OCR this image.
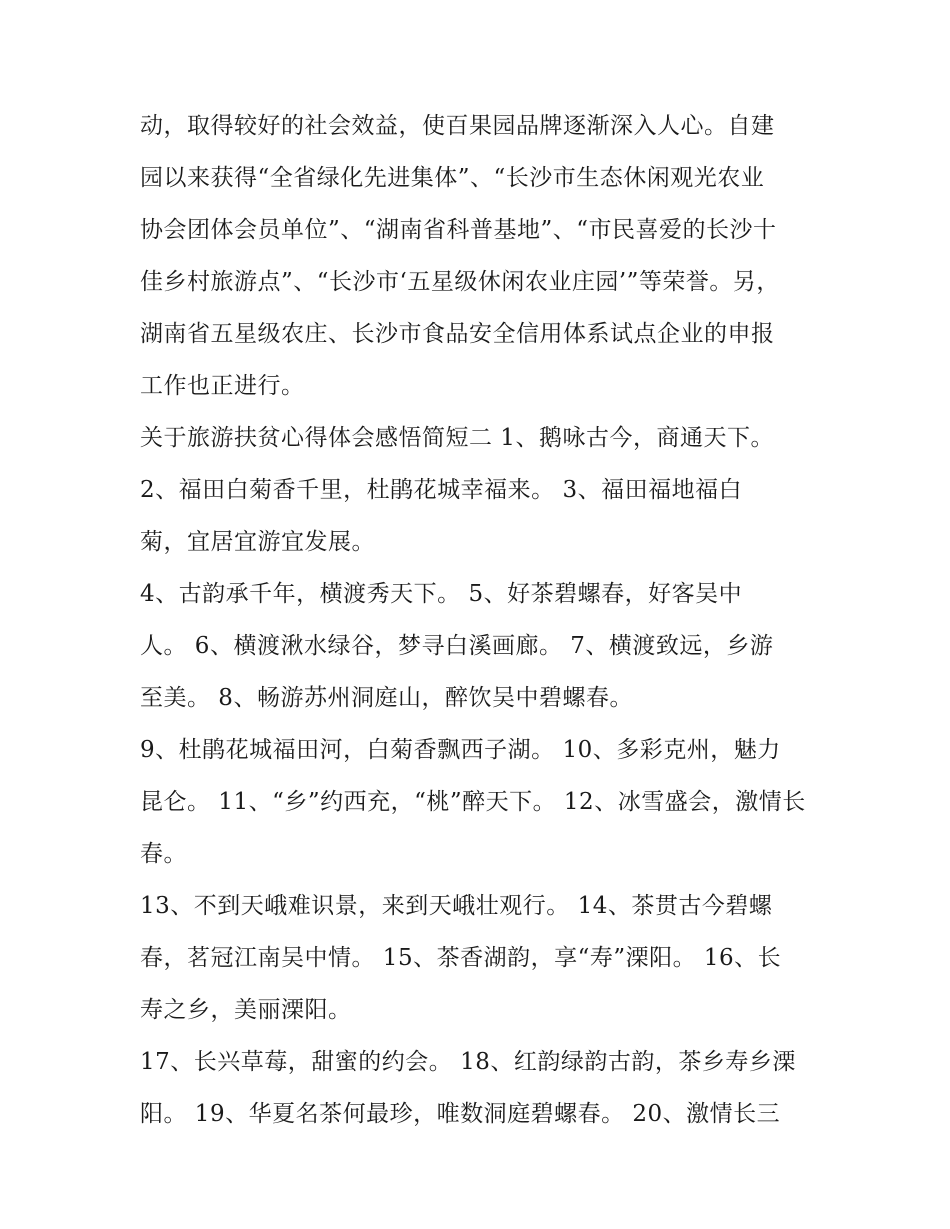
动，取得较好的社会效益，使百果园品牌逐渐深入人心。自建
园以来获得“全省绿化先进集体”、“长沙市生态休闲观光农业
协会团体会员单位”、“湖南省科普基地”、“市民喜爱的长沙十
佳乡村旅游点”、“长沙市‘五星级休闲农业庄园’”等荣誉。另，
湖南省五星级农庄、长沙市食品安全信用体系试点企业的申报
工作也正进行。

关于旅游扶贫心得体会感悟简短二 1、鹅咏古今，商通天下。

2、福田白菊香千里，杜鹃花城幸福来。 3、福田福地福白
菊，宜居宜游宜发展。

4、古韵承千年，横渡秀天下。 5、好茶碧螺春，好客吴中
人。 6、横渡湫水绿谷，梦寻白溪画廊。 7、横渡致远，乡游
至美。 8、畅游苏州洞庭山，醉饮吴中碧螺春。

9、杜鹃花城福田河，白菊香飘西子湖。 10、多彩克州，魅力
昆仑。 11、“乡”约西充，“桃”醉天下。 12、冰雪盛会，激情长
春。

13、不到天峨难识景，来到天峨壮观行。 14、茶贯古今碧螺
春，茗冠江南吴中情。 15、茶香湖韵，享“寿”溧阳。 16、长
寿之乡，美丽溧阳。

17、长兴草莓，甜蜜的约会。 18、红韵绿韵古韵，茶乡寿乡溧
阳。 19、华夏名茶何最珍，唯数洞庭碧螺春。 20、激情长三
